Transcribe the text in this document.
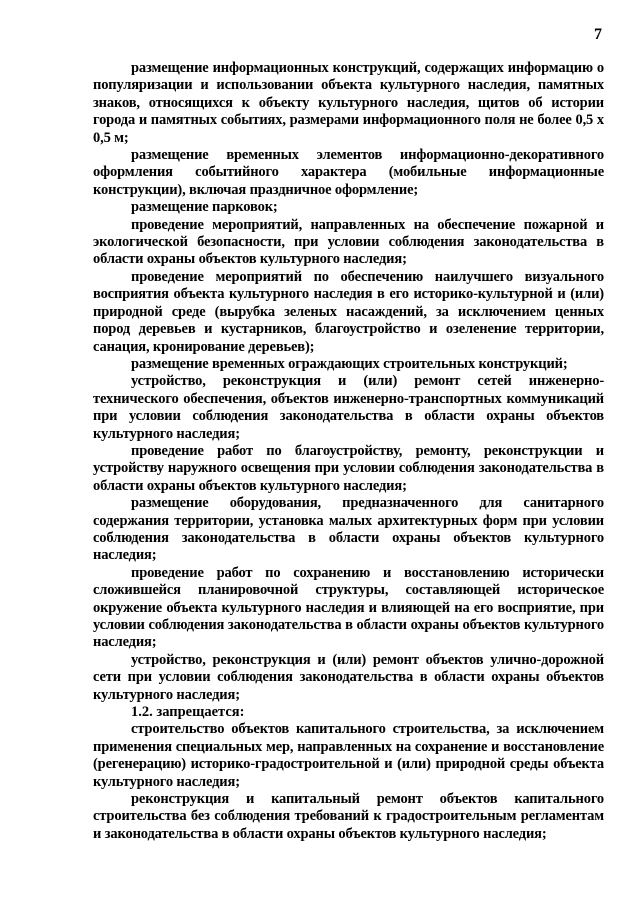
7

размещение информационных конструкций, содержащих информацию о популяризации и использовании объекта культурного наследия, памятных знаков, относящихся к объекту культурного наследия, щитов об истории города и памятных событиях, размерами информационного поля не более 0,5 х 0,5 м;

размещение временных элементов информационно-декоративного оформления событийного характера (мобильные информационные конструкции), включая праздничное оформление;

размещение парковок;

проведение мероприятий, направленных на обеспечение пожарной и экологической безопасности, при условии соблюдения законодательства в области охраны объектов культурного наследия;

проведение мероприятий по обеспечению наилучшего визуального восприятия объекта культурного наследия в его историко-культурной и (или) природной среде (вырубка зеленых насаждений, за исключением ценных пород деревьев и кустарников, благоустройство и озеленение территории, санация, кронирование деревьев);

размещение временных ограждающих строительных конструкций;

устройство, реконструкция и (или) ремонт сетей инженерно-технического обеспечения, объектов инженерно-транспортных коммуникаций при условии соблюдения законодательства в области охраны объектов культурного наследия;

проведение работ по благоустройству, ремонту, реконструкции и устройству наружного освещения при условии соблюдения законодательства в области охраны объектов культурного наследия;

размещение оборудования, предназначенного для санитарного содержания территории, установка малых архитектурных форм при условии соблюдения законодательства в области охраны объектов культурного наследия;

проведение работ по сохранению и восстановлению исторически сложившейся планировочной структуры, составляющей историческое окружение объекта культурного наследия и влияющей на его восприятие, при условии соблюдения законодательства в области охраны объектов культурного наследия;

устройство, реконструкция и (или) ремонт объектов улично-дорожной сети при условии соблюдения законодательства в области охраны объектов культурного наследия;

1.2. запрещается:

строительство объектов капитального строительства, за исключением применения специальных мер, направленных на сохранение и восстановление (регенерацию) историко-градостроительной и (или) природной среды объекта культурного наследия;

реконструкция и капитальный ремонт объектов капитального строительства без соблюдения требований к градостроительным регламентам и законодательства в области охраны объектов культурного наследия;
